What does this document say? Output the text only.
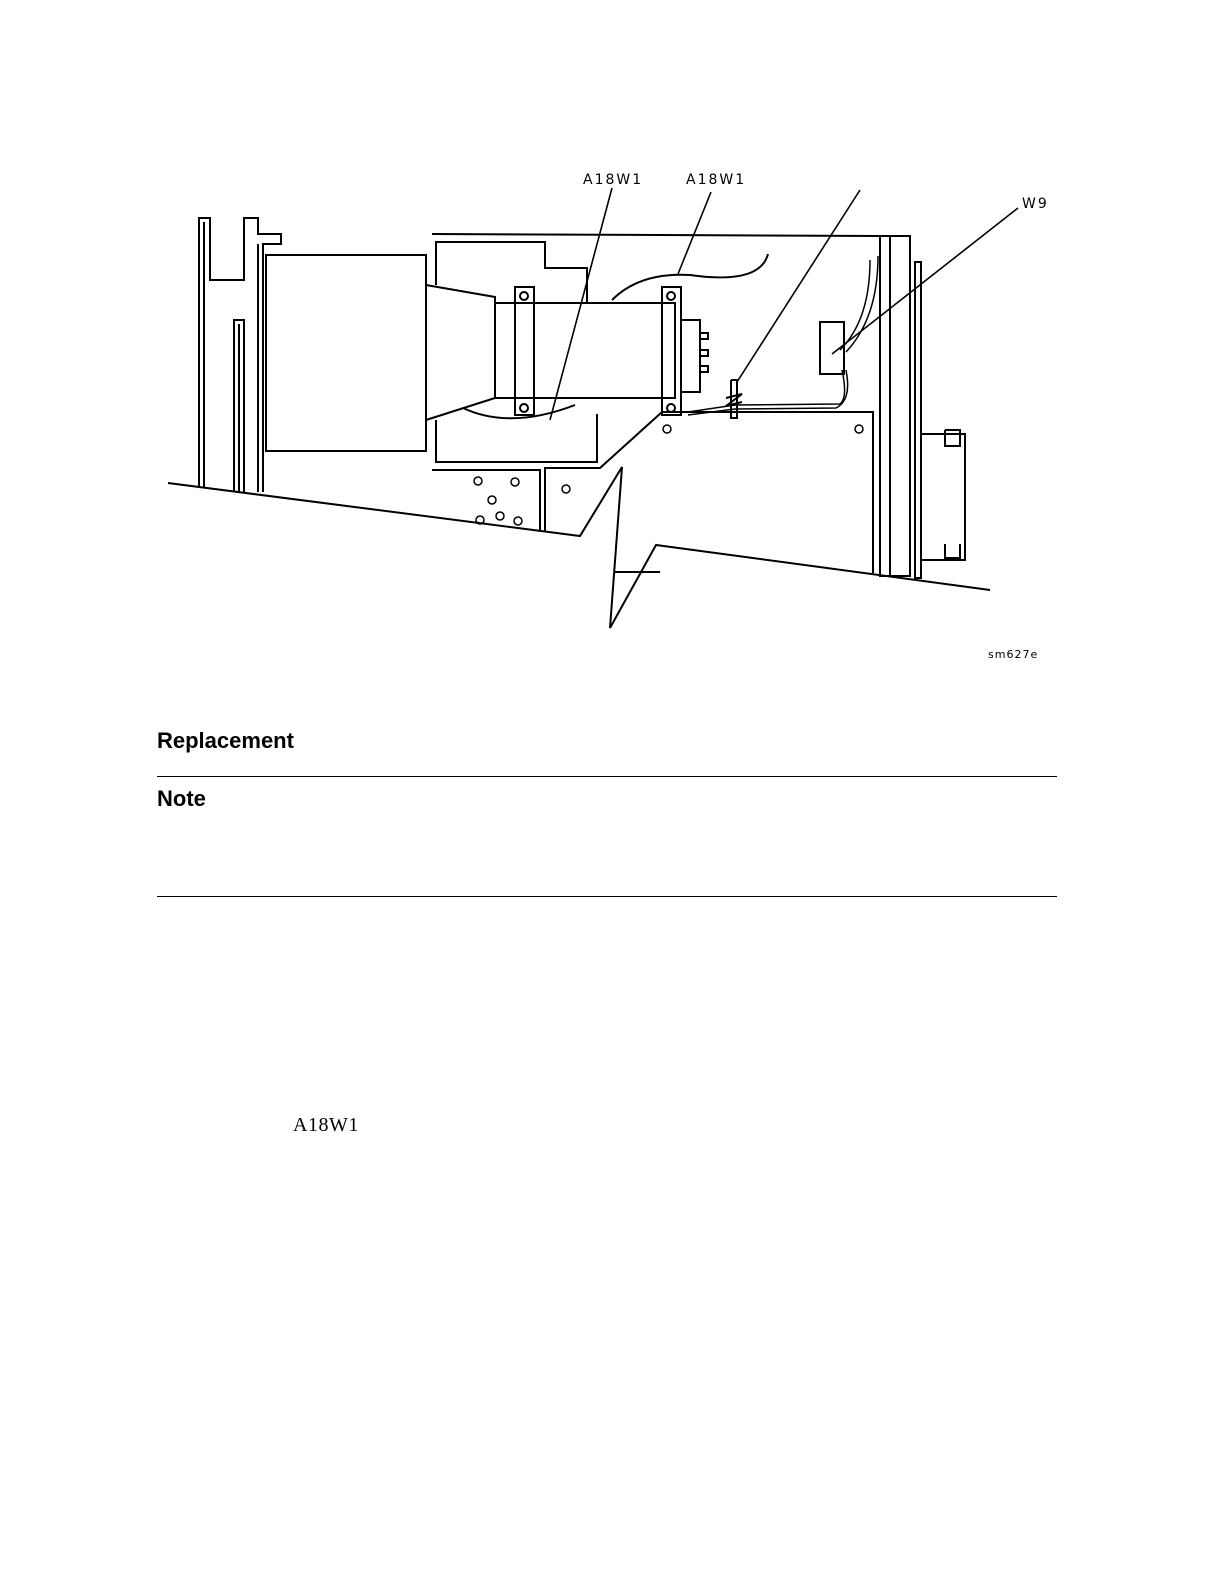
A18W1	A18W1
W9
sm627e
Replacement
Note
A18W1
